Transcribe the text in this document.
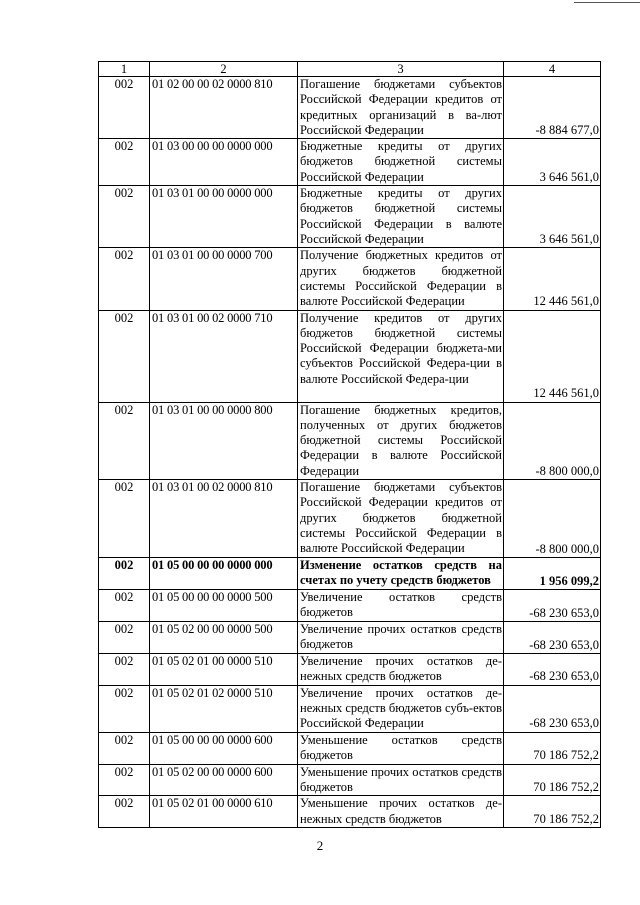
1	2	3	4
002	01 02 00 00 02 0000 810	Погашение бюджетами субъектов Российской Федерации кредитов от кредитных организаций в ва-лют Российской Федерации	-8 884 677,0
002	01 03 00 00 00 0000 000	Бюджетные кредиты от других бюджетов бюджетной системы Российской Федерации	3 646 561,0
002	01 03 01 00 00 0000 000	Бюджетные кредиты от других бюджетов бюджетной системы Российской Федерации в валюте Российской Федерации	3 646 561,0
002	01 03 01 00 00 0000 700	Получение бюджетных кредитов от других бюджетов бюджетной системы Российской Федерации в валюте Российской Федерации	12 446 561,0
002	01 03 01 00 02 0000 710	Получение кредитов от других бюджетов бюджетной системы Российской Федерации бюджета-ми субъектов Российской Федера-ции в валюте Российской Федера-ции	12 446 561,0
002	01 03 01 00 00 0000 800	Погашение бюджетных кредитов, полученных от других бюджетов бюджетной системы Российской Федерации в валюте Российской Федерации	-8 800 000,0
002	01 03 01 00 02 0000 810	Погашение бюджетами субъектов Российской Федерации кредитов от других бюджетов бюджетной системы Российской Федерации в валюте Российской Федерации	-8 800 000,0
002	01 05 00 00 00 0000 000	Изменение остатков средств на счетах по учету средств бюджетов	1 956 099,2
002	01 05 00 00 00 0000 500	Увеличение остатков средств бюджетов	-68 230 653,0
002	01 05 02 00 00 0000 500	Увеличение прочих остатков средств бюджетов	-68 230 653,0
002	01 05 02 01 00 0000 510	Увеличение прочих остатков де-нежных средств бюджетов	-68 230 653,0
002	01 05 02 01 02 0000 510	Увеличение прочих остатков де-нежных средств бюджетов субъ-ектов Российской Федерации	-68 230 653,0
002	01 05 00 00 00 0000 600	Уменьшение остатков средств бюджетов	70 186 752,2
002	01 05 02 00 00 0000 600	Уменьшение прочих остатков средств бюджетов	70 186 752,2
002	01 05 02 01 00 0000 610	Уменьшение прочих остатков де-нежных средств бюджетов	70 186 752,2
2
